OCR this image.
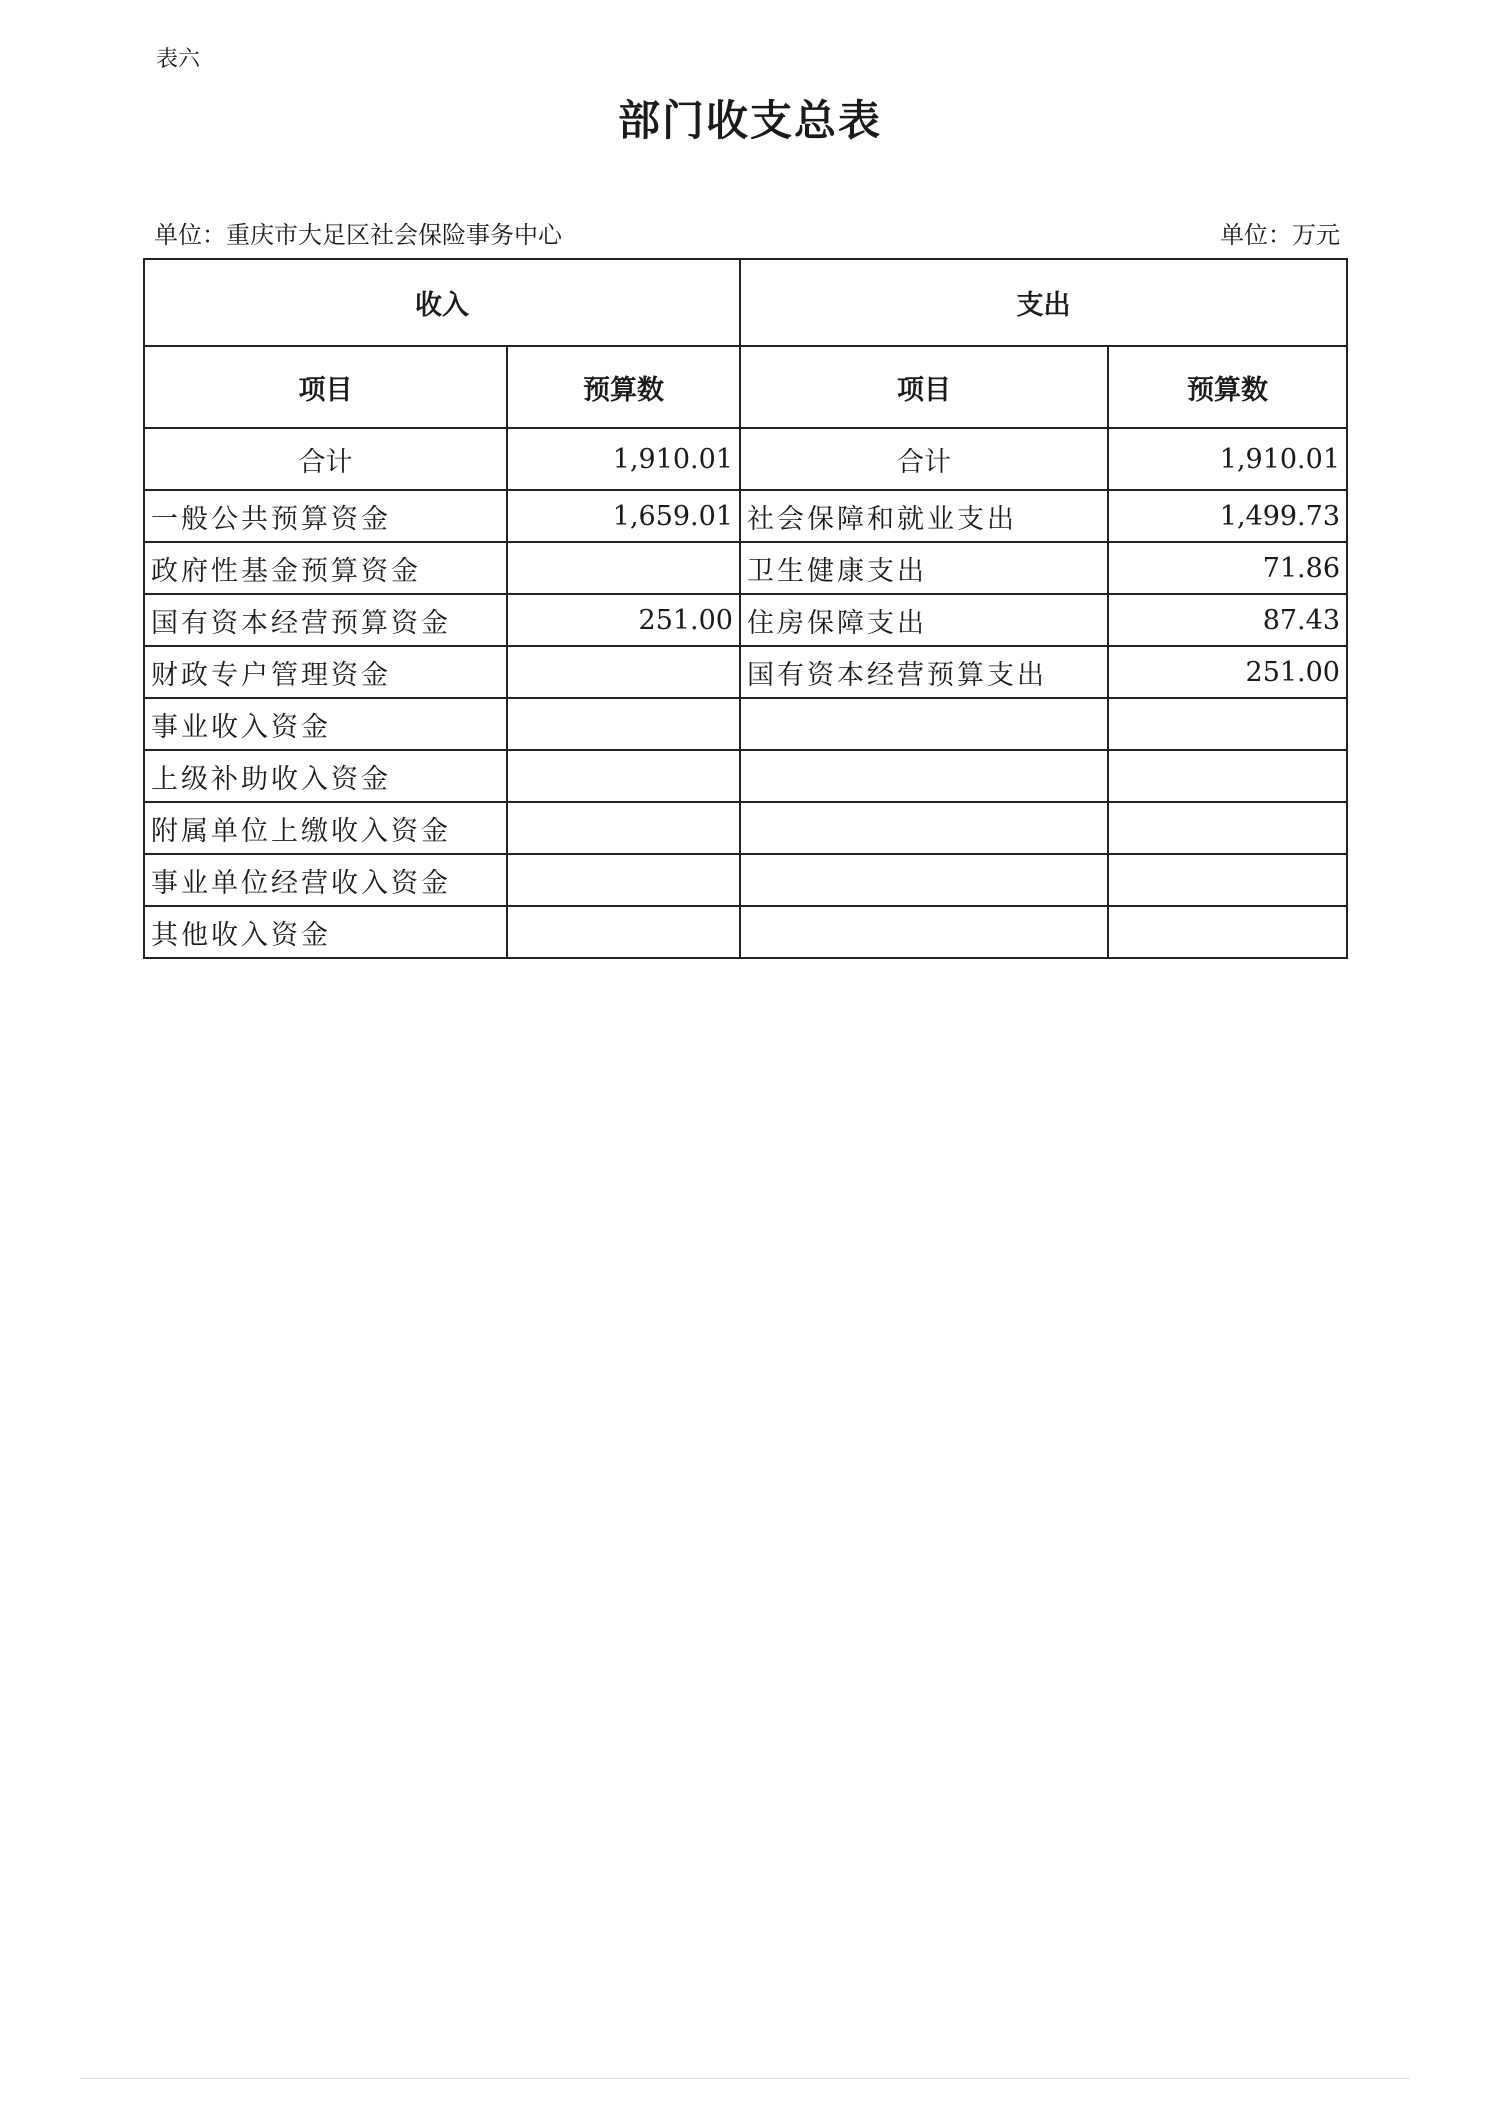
表六
部门收支总表
单位：重庆市大足区社会保险事务中心	单位：万元
收入		支出	
项目	预算数	项目	预算数
合计	1,910.01	合计	1,910.01
一般公共预算资金	1,659.01	社会保障和就业支出	1,499.73
政府性基金预算资金		卫生健康支出	71.86
国有资本经营预算资金	251.00	住房保障支出	87.43
财政专户管理资金		国有资本经营预算支出	251.00
事业收入资金			
上级补助收入资金			
附属单位上缴收入资金			
事业单位经营收入资金			
其他收入资金			
